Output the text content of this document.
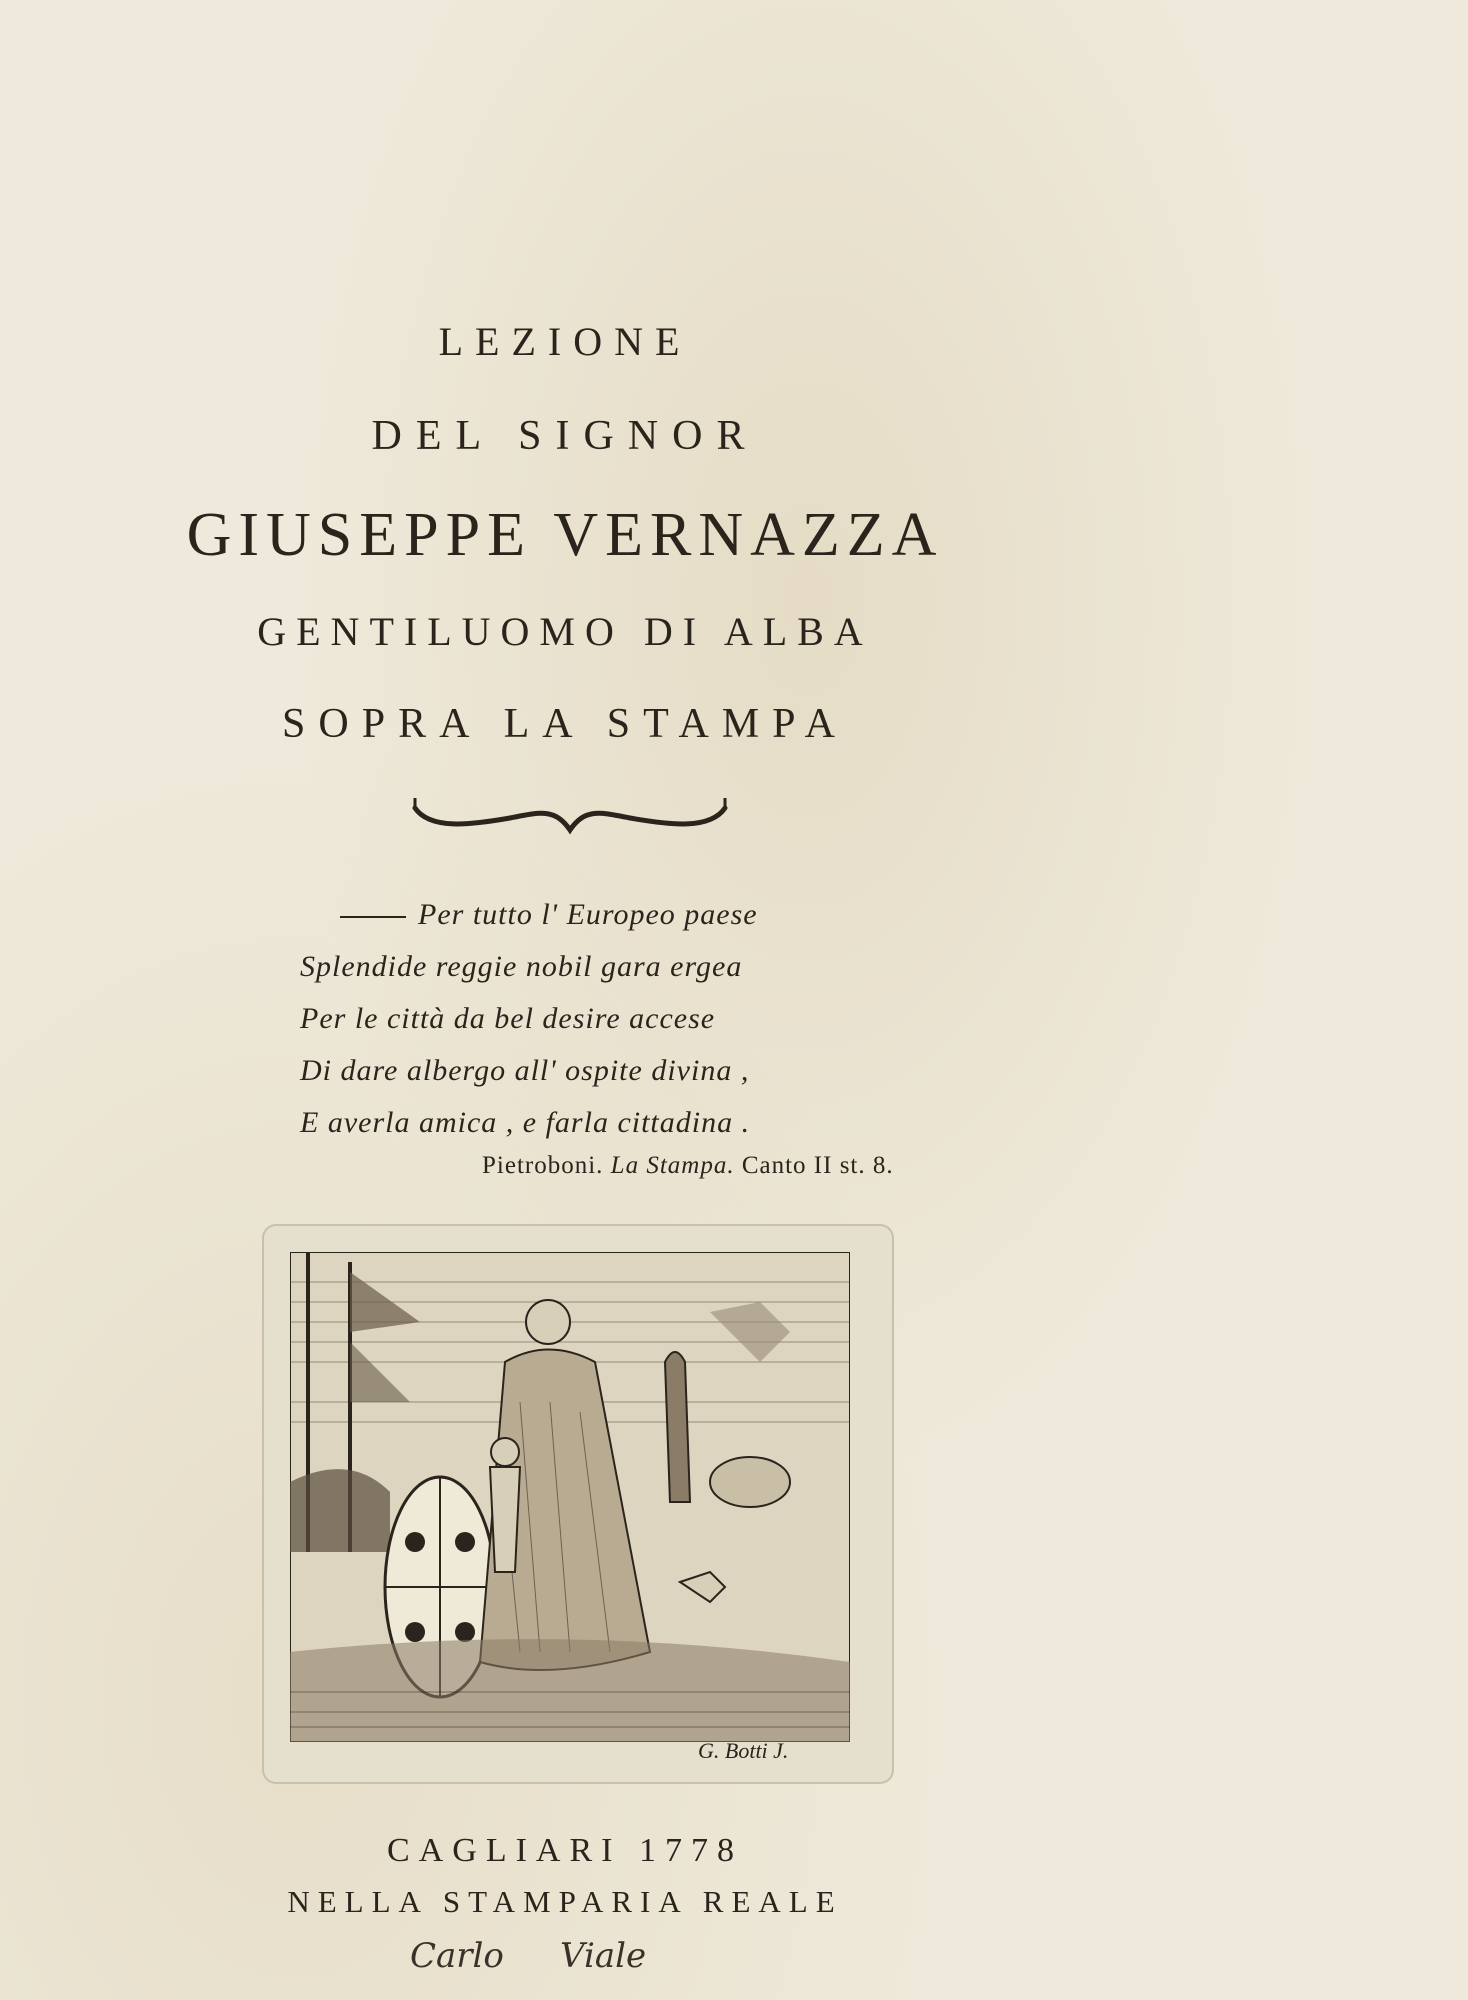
LEZIONE

DEL SIGNOR

GIUSEPPE VERNAZZA

GENTILUOMO DI ALBA

SOPRA LA STAMPA

Per tutto l' Europeo paese
Splendide reggie nobil gara ergea
Per le città da bel desire accese
Di dare albergo all' ospite divina ,
E averla amica , e farla cittadina .
Pietroboni. La Stampa. Canto II st. 8.
G. Botti J.
CAGLIARI 1778
NELLA STAMPARIA REALE
Carlo Viale
